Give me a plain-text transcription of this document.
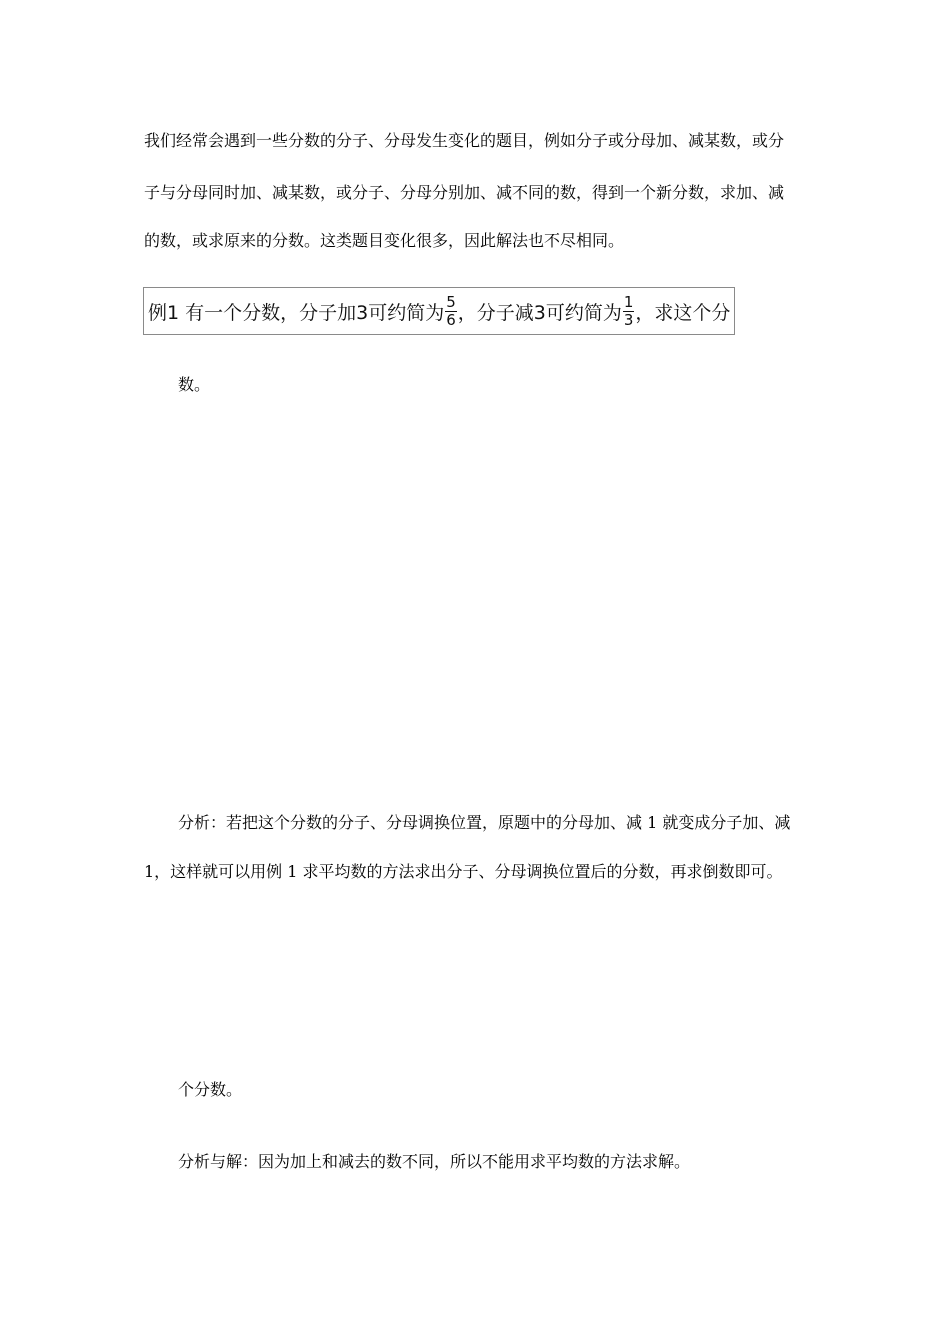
我们经常会遇到一些分数的分子、分母发生变化的题目，例如分子或分母加、减某数，或分

子与分母同时加、减某数，或分子、分母分别加、减不同的数，得到一个新分数，求加、减

的数，或求原来的分数。这类题目变化很多，因此解法也不尽相同。

例1 有一个分数，分子加3可约简为 $\frac{5}{6}$ ，分子减3可约简为 $\frac{1}{3}$ ，求这个分

数。

分析：若把这个分数的分子、分母调换位置，原题中的分母加、减 1 就变成分子加、减

1，这样就可以用例 1 求平均数的方法求出分子、分母调换位置后的分数，再求倒数即可。

个分数。

分析与解：因为加上和减去的数不同，所以不能用求平均数的方法求解。
